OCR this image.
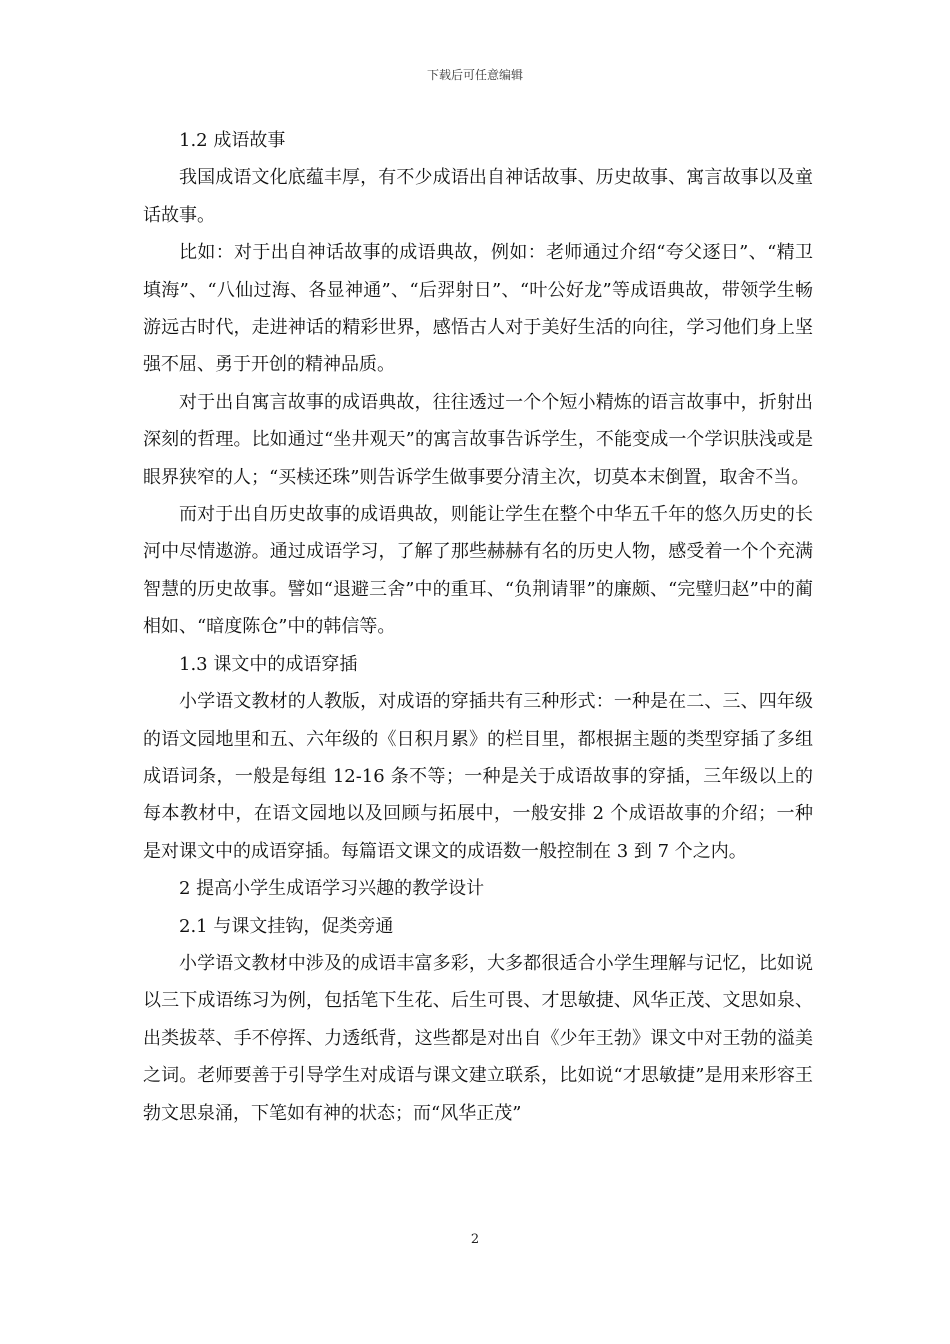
下载后可任意编辑

1.2 成语故事

我国成语文化底蕴丰厚，有不少成语出自神话故事、历史故事、寓言故事以及童话故事。

比如：对于出自神话故事的成语典故，例如：老师通过介绍“夸父逐日”、“精卫填海”、“八仙过海、各显神通”、“后羿射日”、“叶公好龙”等成语典故，带领学生畅游远古时代，走进神话的精彩世界，感悟古人对于美好生活的向往，学习他们身上坚强不屈、勇于开创的精神品质。

对于出自寓言故事的成语典故，往往透过一个个短小精炼的语言故事中，折射出深刻的哲理。比如通过“坐井观天”的寓言故事告诉学生，不能变成一个学识肤浅或是眼界狭窄的人；“买椟还珠”则告诉学生做事要分清主次，切莫本末倒置，取舍不当。

而对于出自历史故事的成语典故，则能让学生在整个中华五千年的悠久历史的长河中尽情遨游。通过成语学习，了解了那些赫赫有名的历史人物，感受着一个个充满智慧的历史故事。譬如“退避三舍”中的重耳、“负荆请罪”的廉颇、“完璧归赵”中的蔺相如、“暗度陈仓”中的韩信等。

1.3 课文中的成语穿插

小学语文教材的人教版，对成语的穿插共有三种形式：一种是在二、三、四年级的语文园地里和五、六年级的《日积月累》的栏目里，都根据主题的类型穿插了多组成语词条，一般是每组 12-16 条不等；一种是关于成语故事的穿插，三年级以上的每本教材中，在语文园地以及回顾与拓展中，一般安排 2 个成语故事的介绍；一种是对课文中的成语穿插。每篇语文课文的成语数一般控制在 3 到 7 个之内。

2 提高小学生成语学习兴趣的教学设计

2.1 与课文挂钩，促类旁通

小学语文教材中涉及的成语丰富多彩，大多都很适合小学生理解与记忆，比如说以三下成语练习为例，包括笔下生花、后生可畏、才思敏捷、风华正茂、文思如泉、出类拔萃、手不停挥、力透纸背，这些都是对出自《少年王勃》课文中对王勃的溢美之词。老师要善于引导学生对成语与课文建立联系，比如说“才思敏捷”是用来形容王勃文思泉涌，下笔如有神的状态；而“风华正茂”

2
